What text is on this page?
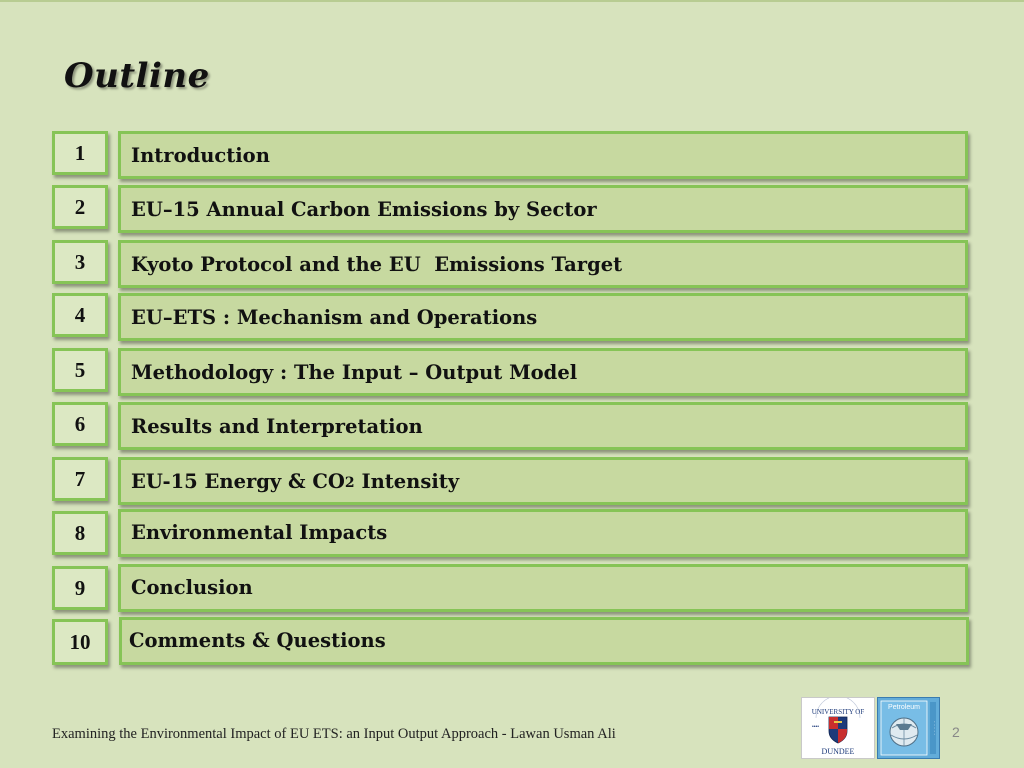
Outline
1	Introduction
2	EU–15 Annual Carbon Emissions by Sector
3	Kyoto Protocol and the EU  Emissions Target
4	EU–ETS : Mechanism and Operations
5	Methodology : The Input – Output Model
6	Results and Interpretation
7	EU-15 Energy & CO 2 Intensity
8	Environmental Impacts
9	Conclusion
10	Comments & Questions
Examining the Environmental Impact of EU ETS: an Input Output Approach - Lawan Usman Ali
UNIVERSITY OF
••••
DUNDEE
Petroleum
· · · · · 2
